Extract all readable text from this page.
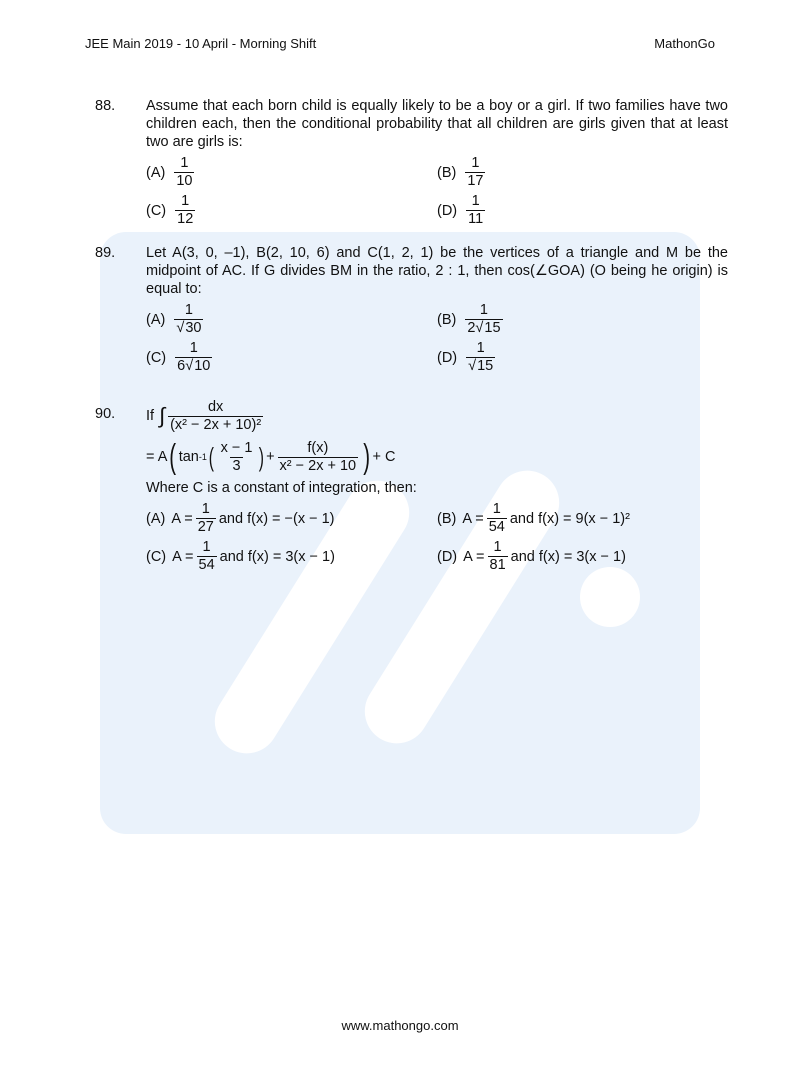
JEE Main 2019 - 10 April - Morning Shift	MathonGo
88. Assume that each born child is equally likely to be a boy or a girl. If two families have two children each, then the conditional probability that all children are girls given that at least two are girls is:
$(A) \frac{1}{10}$	$(B) \frac{1}{17}$
$(C) \frac{1}{12}$	$(D) \frac{1}{11}$
89. Let A(3, 0, –1), B(2, 10, 6) and C(1, 2, 1) be the vertices of a triangle and M be the midpoint of AC. If G divides BM in the ratio, 2 : 1, then cos(∠GOA) (O being he origin) is equal to:
$(A) \frac{1}{√30}$	$(B) \frac{1}{2√15}$
$(C) \frac{1}{6√10}$	$(D) \frac{1}{√15}$
90. If ∫ $\frac{dx}{\text{(x² − 2x + 10)²}}$
= A ( tan -1 ( $\frac{x - 1}{3}$ ) + $\frac{f(x)}{\text{x² − 2x + 10}}$ ) + C
Where C is a constant of integration, then:
(A) $A = \frac{1}{27}$ and f(x) = −(x − 1)	(B) $A = \frac{1}{54}$ and f(x) = 9(x − 1)²
(C) $A = \frac{1}{54}$ and f(x) = 3(x − 1)	(D) $A = \frac{1}{81}$ and f(x) = 3(x − 1)
www.mathongo.com
